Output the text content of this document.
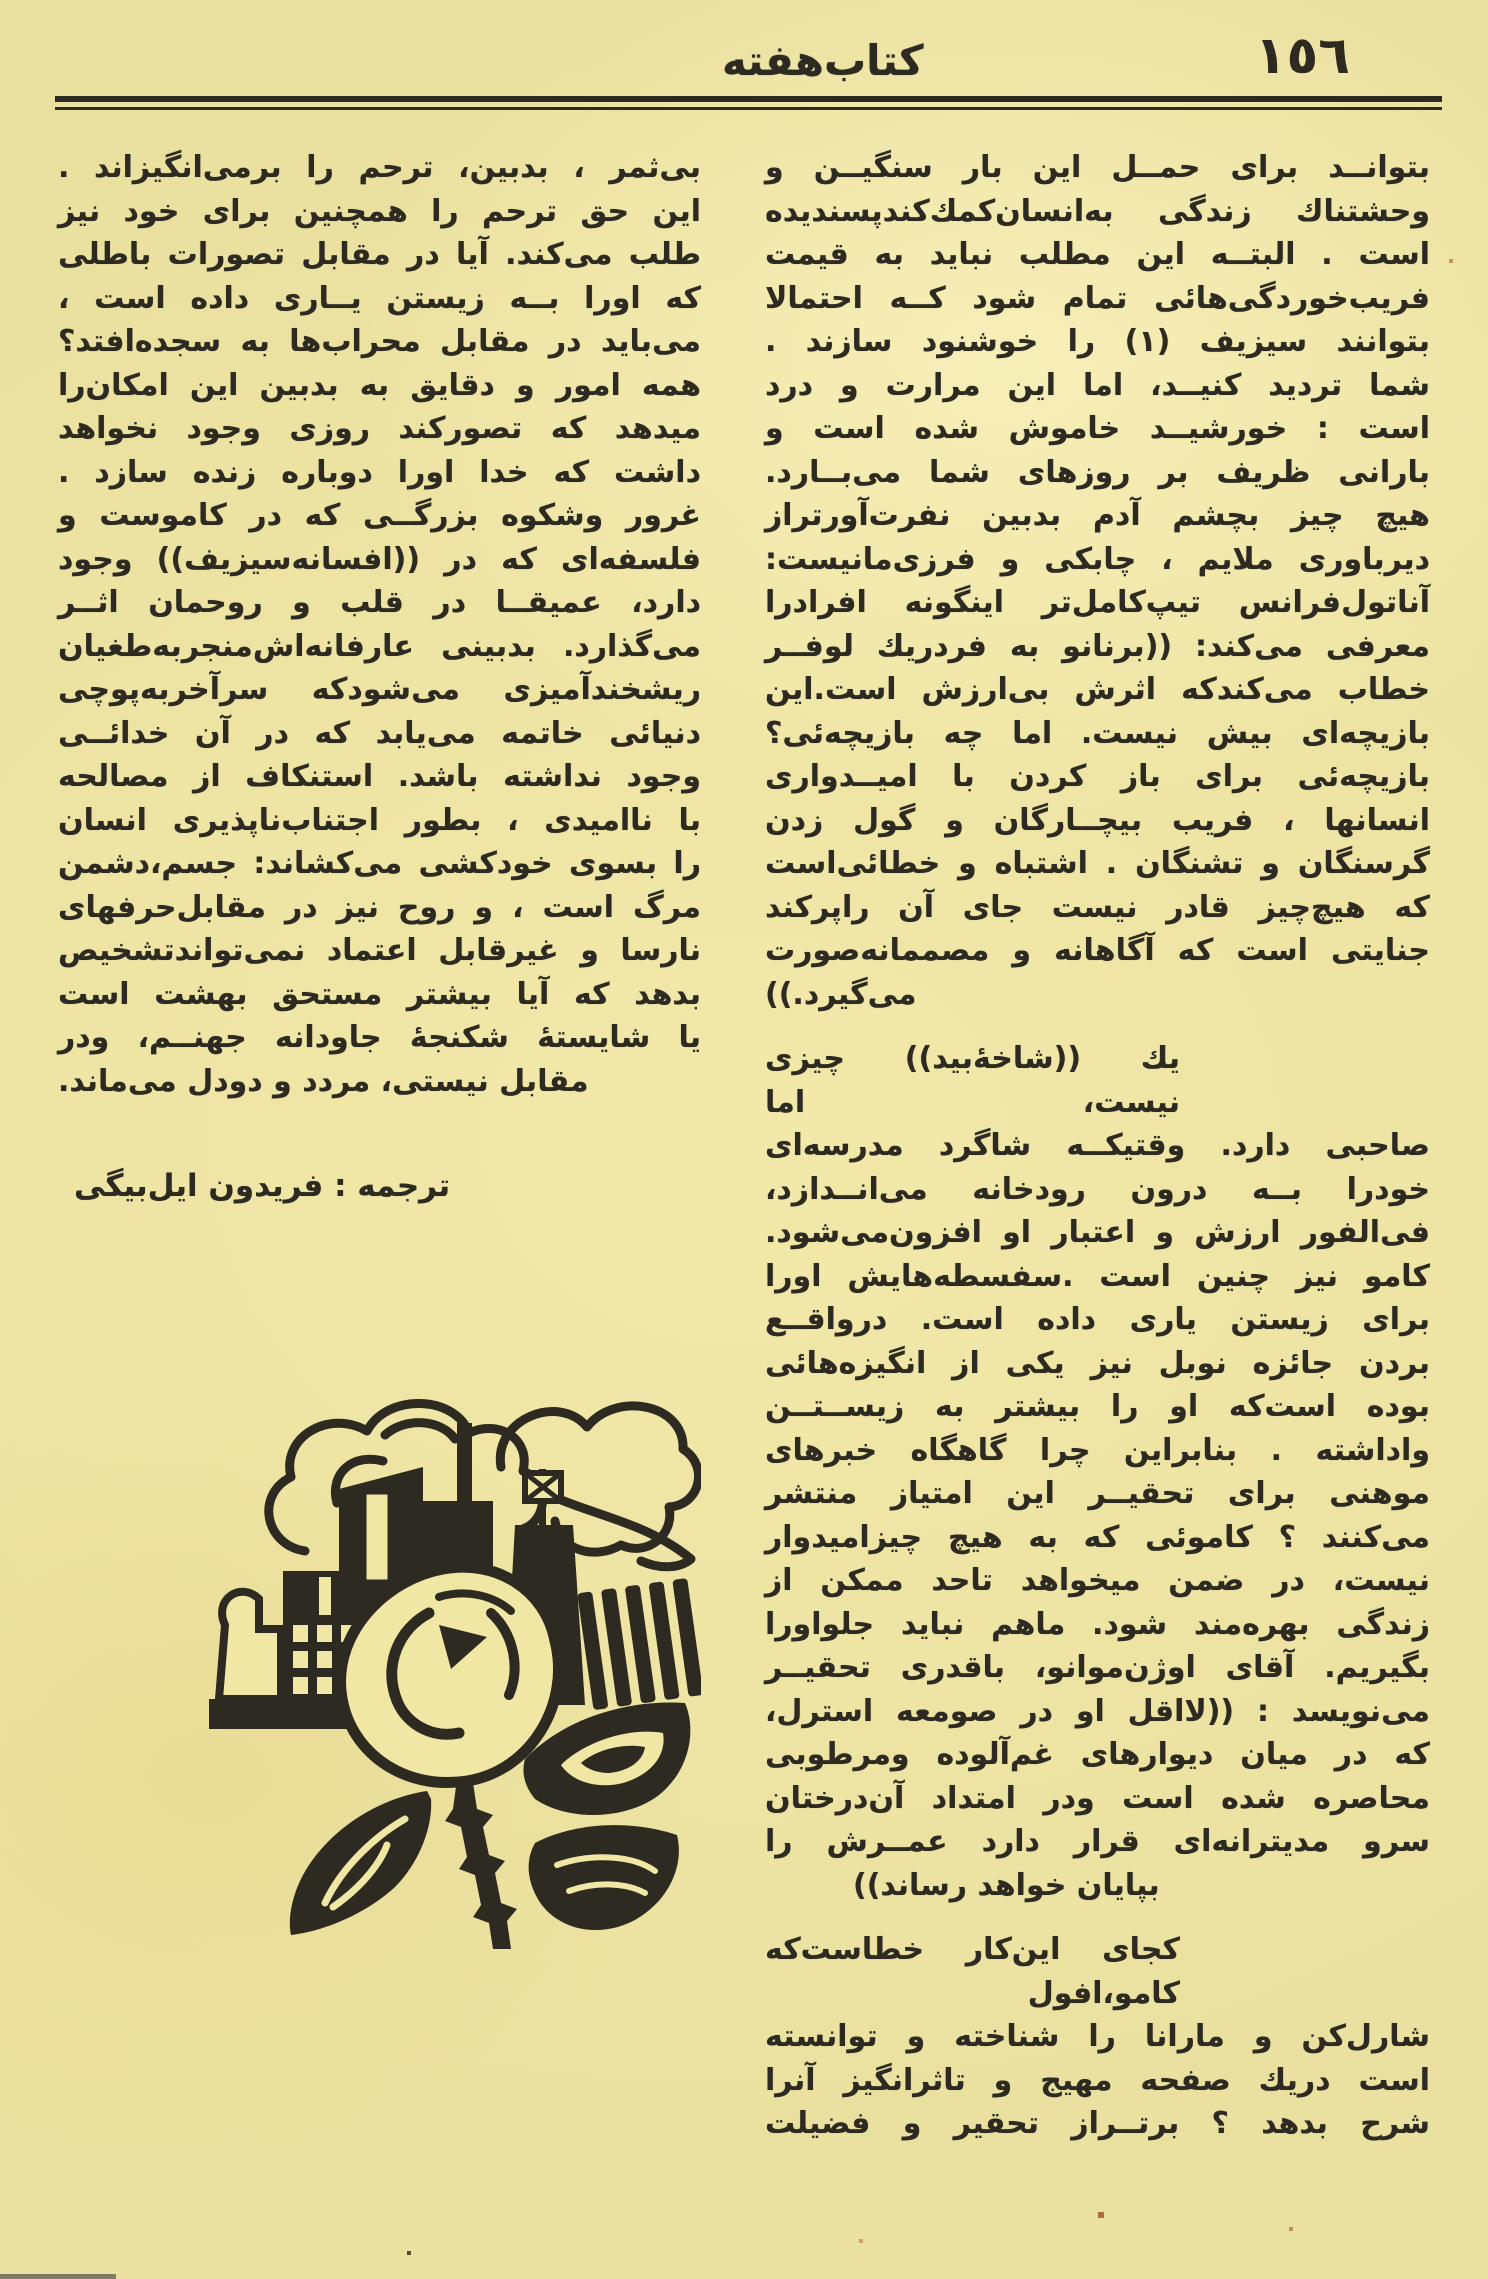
١٥٦
کتاب‌هفته
بتوانــد برای حمــل این بار سنگیــن و
وحشتناك زندگی به‌انسان‌كمك‌كندپسندیده
است . البتــه این مطلب نباید به قیمت
فریب‌خوردگی‌هائی تمام شود کــه احتمالا
بتوانند سیزیف (١) را خوشنود سازند .
شما تردید كنیــد، اما این مرارت و درد
است : خورشیــد خاموش شده است و
بارانی ظریف بر روزهای شما می‌بــارد.
هیچ چیز بچشم آدم بدبین نفرت‌آورتراز
دیرباوری ملایم ، چابکی و فرزی‌مانیست:
آناتول‌فرانس تیپ‌کامل‌تر اینگونه افرادرا
معرفی می‌کند: ((برنانو به فردریك لوفــر
خطاب می‌کندکه اثرش بی‌ارزش است.این
بازیچه‌ای بیش نیست. اما چه بازیچه‌ئی؟
بازیچه‌ئی برای باز کردن با امیــدواری
انسانها ، فریب بیچــارگان و گول زدن
گرسنگان و تشنگان . اشتباه و خطائی‌است
که هیچ‌چیز قادر نیست جای آن راپرکند
جنایتی است که آگاهانه و مصممانه‌صورت
می‌گیرد.))
یك ((شاخهٔ‌بید)) چیزی نیست، اما
صاحبی دارد. وقتیکــه شاگرد مدرسه‌ای
خودرا بــه درون رودخانه می‌انــدازد،
فی‌الفور ارزش و اعتبار او افزون‌می‌شود.
کامو نیز چنین است .سفسطه‌هایش اورا
برای زیستن یاری داده است. درواقــع
بردن جائزه نوبل نیز یکی از انگیزه‌هائی
بوده است‌که او را بیشتر به زیســتــن
واداشته . بنابراین چرا گاهگاه خبرهای
موهنی برای تحقیــر این امتیاز منتشر
می‌کنند ؟ کاموئی که به هیچ چیزامیدوار
نیست، در ضمن میخواهد تاحد ممکن از
زندگی بهره‌مند شود. ماهم نباید جلواورا
بگیریم. آقای اوژن‌موانو، باقدری تحقیــر
می‌نویسد : ((لااقل او در صومعه استرل،
که در میان دیوارهای غم‌آلوده ومرطوبی
محاصره شده است ودر امتداد آن‌درختان
سرو مدیترانه‌ای قرار دارد عمــرش را
بپایان خواهد رساند))
کجای این‌کار خطاست‌که کامو،افول
شارل‌کن و مارانا را شناخته و توانسته
است دریك صفحه مهیج و تاثرانگیز آنرا
شرح بدهد ؟ برتــراز تحقیر و فضیلت
بی‌ثمر ، بدبین، ترحم را برمی‌انگیزاند .
این حق ترحم را همچنین برای خود نیز
طلب می‌کند. آیا در مقابل تصورات باطلی
که اورا بــه زیستن یــاری داده است ،
می‌باید در مقابل محراب‌ها به سجده‌افتد؟
همه امور و دقایق به بدبین این امکان‌را
میدهد که تصورکند روزی وجود نخواهد
داشت که خدا اورا دوباره زنده سازد .
غرور وشکوه بزرگــی که در کاموست و
فلسفه‌ای که در ((افسانه‌سیزیف)) وجود
دارد، عمیقــا در قلب و روحمان اثــر
می‌گذارد. بدبینی عارفانه‌اش‌منجربه‌طغیان
ریشخندآمیزی می‌شودکه سرآخربه‌پوچی
دنیائی خاتمه می‌یابد که در آن خدائــی
وجود نداشته باشد. استنکاف از مصالحه
با ناامیدی ، بطور اجتناب‌ناپذیری انسان
را بسوی خودکشی می‌کشاند: جسم،دشمن
مرگ است ، و روح نیز در مقابل‌حرفهای
نارسا و غیرقابل اعتماد نمی‌تواندتشخیص
بدهد که آیا بیشتر مستحق بهشت است
یا شایستهٔ شکنجهٔ جاودانه جهنــم، ودر
مقابل نیستی، مردد و دودل می‌ماند.
ترجمه : فریدون ایل‌بیگی
